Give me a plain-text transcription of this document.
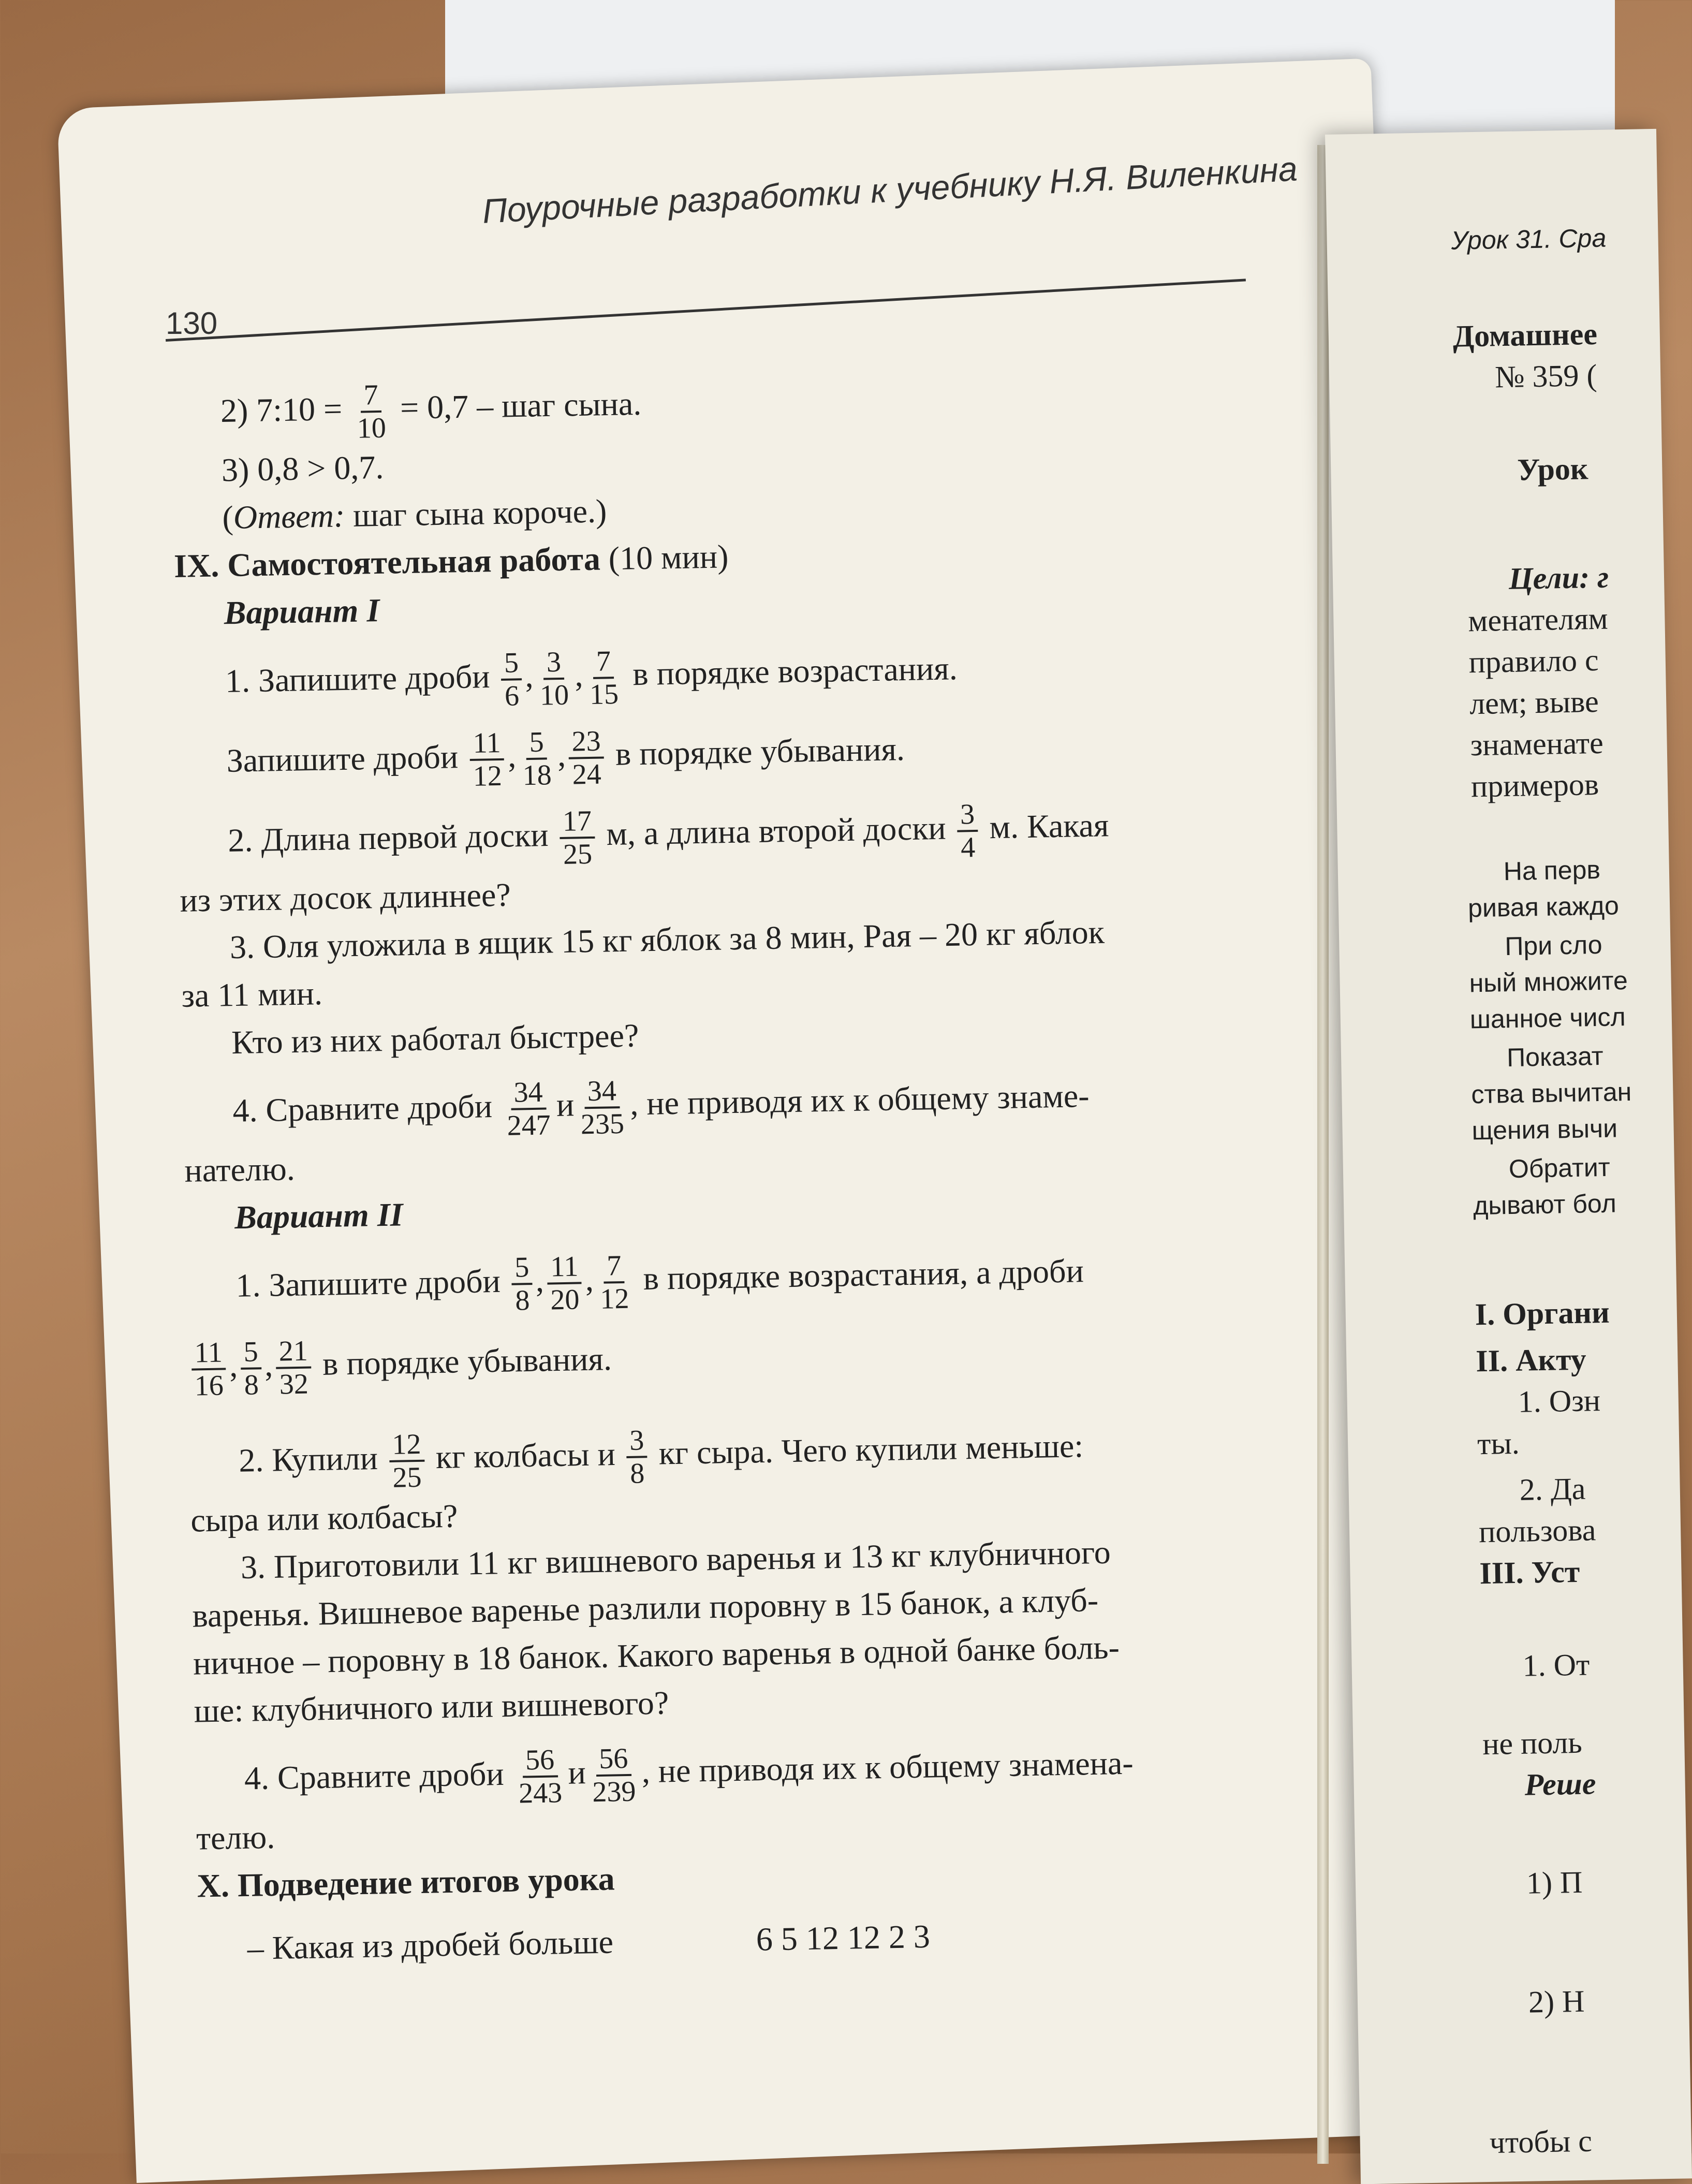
Урок 31. Сра
Домашнее
№ 359 (
Урок
Цели: г
менателям
правило с
лем; выве
знаменате
примеров
На перв
ривая каждо
При сло
ный множите
шанное числ
Показат
ства вычитан
щения вычи
Обратит
дывают бол
I. Органи
II. Акту
1. Озн
ты.
2. Да
пользова
III. Уст
1. От
не поль
Реше
1) П
2) Н
чтобы с
Поурочные разработки к учебнику Н.Я. Виленкина
130
2) 7:10 = $\frac{7}{10} = 0,7$ – шаг сына.
3) 0,8 > 0,7.
(Ответ: шаг сына короче.)
IX. Самостоятельная работа (10 мин)
Вариант I
1. Запишите дроби $\frac{5}{6}$ , $\frac{3}{10}$ , $\frac{7}{15}$ в порядке возрастания.
Запишите дроби $\frac{11}{12}$ , $\frac{5}{18}$ , $\frac{23}{24}$ в порядке убывания.
2. Длина первой доски $\frac{17}{25} м$, а длина второй доски $\frac{3}{4} м$. Какая
из этих досок длиннее?
3. Оля уложила в ящик 15 кг яблок за 8 мин, Рая – 20 кг яблок
за 11 мин.
Кто из них работал быстрее?
4. Сравните дроби $\frac{34}{247}$ и $\frac{34}{235}$ , не приводя их к общему знаме-
нателю.
Вариант II
1. Запишите дроби $\frac{5}{8}$ , $\frac{11}{20}$ , $\frac{7}{12}$ в порядке возрастания, а дроби
$\frac{11}{16}$ , $\frac{5}{8}$ , $\frac{21}{32}$ в порядке убывания.
2. Купили $\frac{12}{25}$ кг колбасы и $\frac{3}{8}$ кг сыра. Чего купили меньше:
сыра или колбасы?
3. Приготовили 11 кг вишневого варенья и 13 кг клубничного
варенья. Вишневое варенье разлили поровну в 15 банок, а клуб-
ничное – поровну в 18 банок. Какого варенья в одной банке боль-
ше: клубничного или вишневого?
4. Сравните дроби $\frac{56}{243}$ и $\frac{56}{239}$ , не приводя их к общему знамена-
телю.
X. Подведение итогов урока
– Какая из дробей больше	6 5 12 12 2 3
